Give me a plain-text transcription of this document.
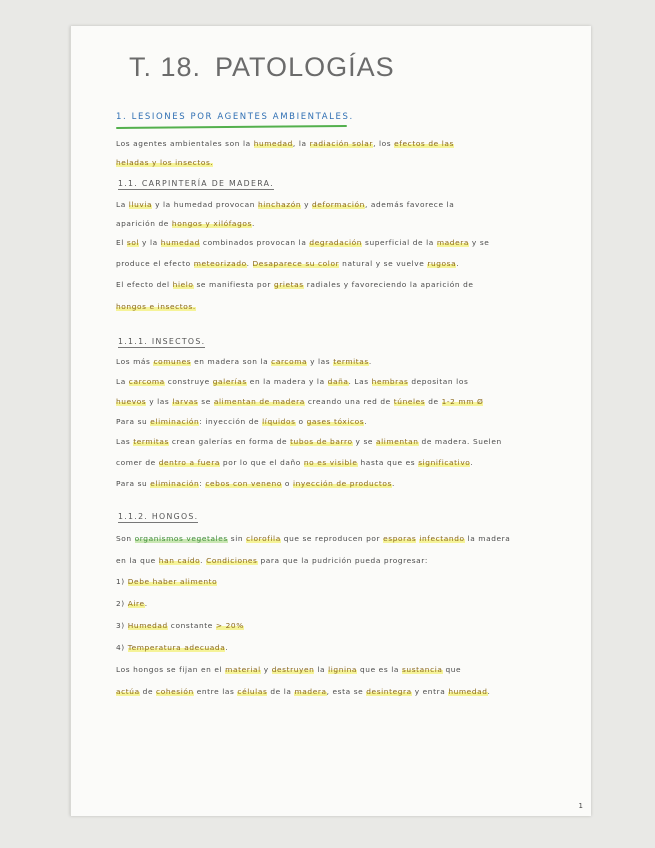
T. 18. PATOLOGÍAS
1. LESIONES POR AGENTES AMBIENTALES.
Los agentes ambientales son la humedad, la radiación solar, los efectos de las
heladas y los insectos.
1.1. CARPINTERÍA DE MADERA.
La lluvia y la humedad provocan hinchazón y deformación, además favorece la
aparición de hongos y xilófagos.
El sol y la humedad combinados provocan la degradación superficial de la madera y se
produce el efecto meteorizado. Desaparece su color natural y se vuelve rugosa.
El efecto del hielo se manifiesta por grietas radiales y favoreciendo la aparición de
hongos e insectos.
1.1.1. INSECTOS.
Los más comunes en madera son la carcoma y las termitas.
La carcoma construye galerías en la madera y la daña. Las hembras depositan los
huevos y las larvas se alimentan de madera creando una red de túneles de 1-2 mm Ø
Para su eliminación: inyección de líquidos o gases tóxicos.
Las termitas crean galerías en forma de tubos de barro y se alimentan de madera. Suelen
comer de dentro a fuera por lo que el daño no es visible hasta que es significativo.
Para su eliminación: cebos con veneno o inyección de productos.
1.1.2. HONGOS.
Son organismos vegetales sin clorofila que se reproducen por esporas infectando la madera
en la que han caído. Condiciones para que la pudrición pueda progresar:
1) Debe haber alimento
2) Aire.
3) Humedad constante > 20%
4) Temperatura adecuada.
Los hongos se fijan en el material y destruyen la lignina que es la sustancia que
actúa de cohesión entre las células de la madera, esta se desintegra y entra humedad.
1
